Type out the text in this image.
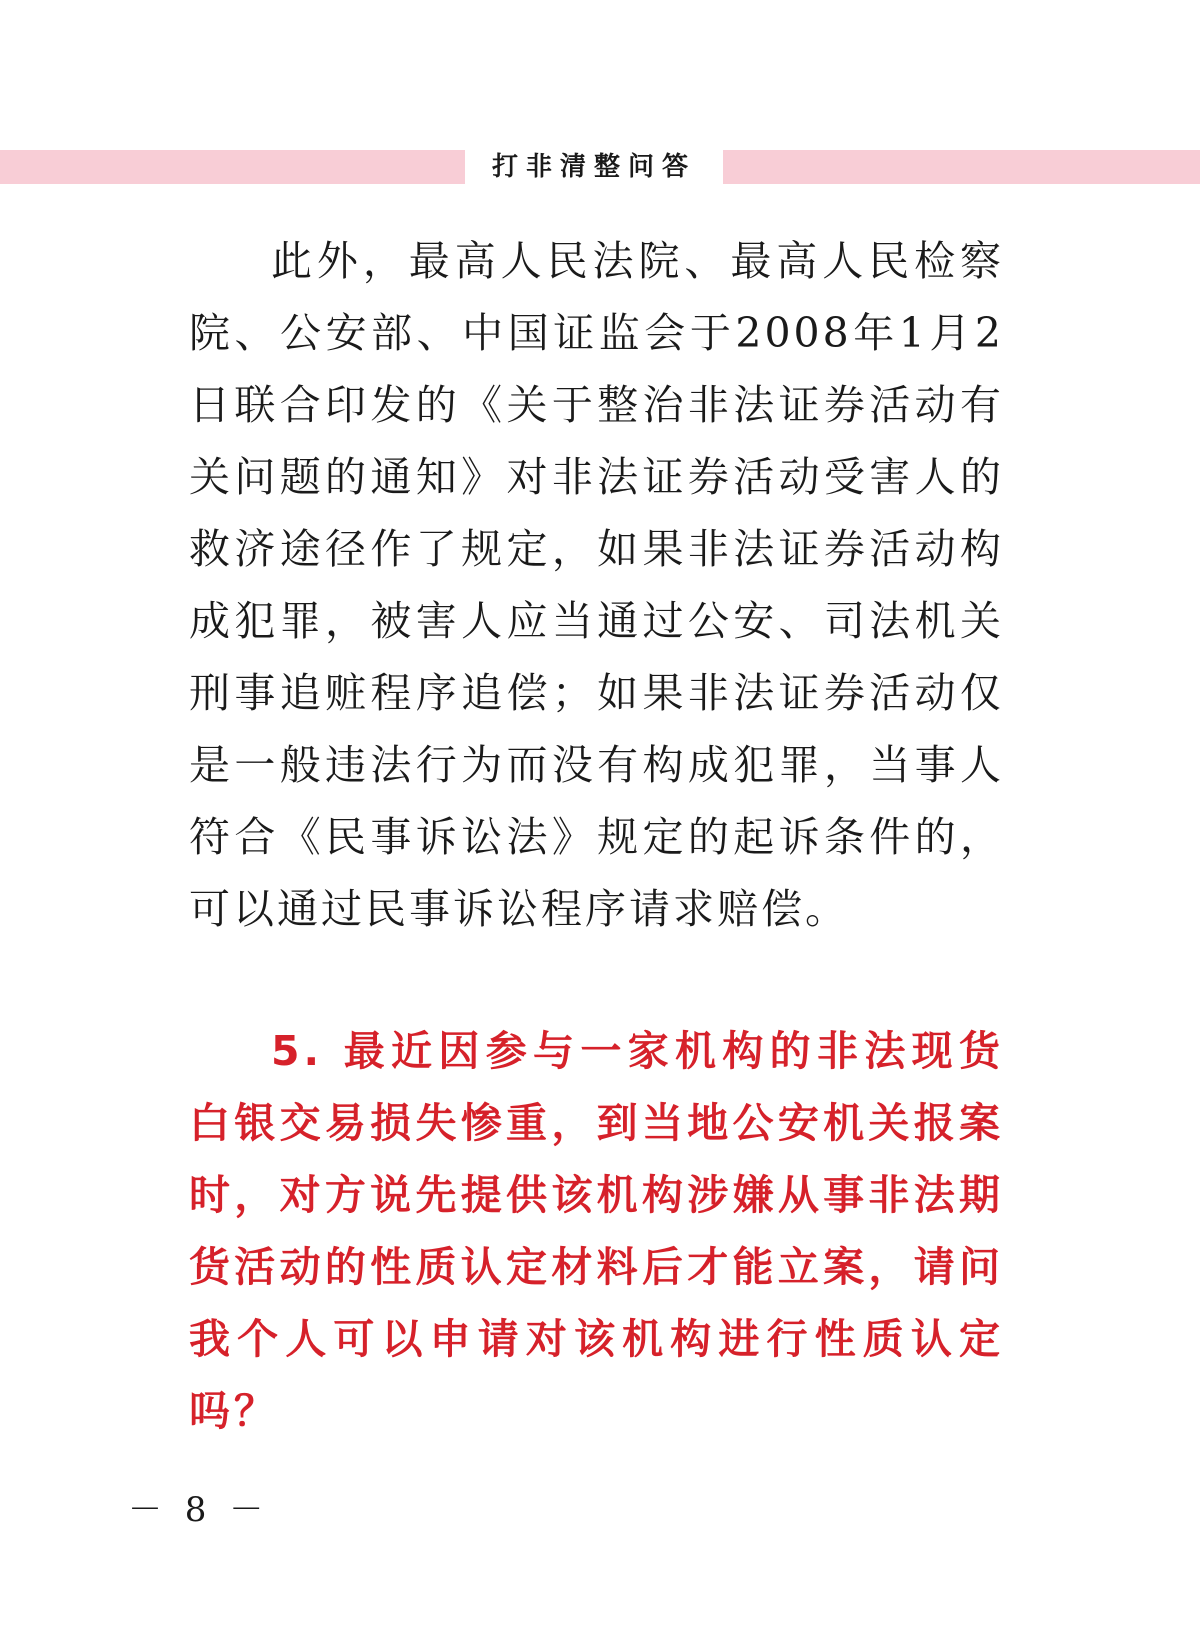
打非清整问答

此外，最高人民法院、最高人民检察院、公安部、中国证监会于2008年1月2日联合印发的《关于整治非法证券活动有关问题的通知》对非法证券活动受害人的救济途径作了规定，如果非法证券活动构成犯罪，被害人应当通过公安、司法机关刑事追赃程序追偿；如果非法证券活动仅是一般违法行为而没有构成犯罪，当事人符合《民事诉讼法》规定的起诉条件的，可以通过民事诉讼程序请求赔偿。

5. 最近因参与一家机构的非法现货白银交易损失惨重，到当地公安机关报案时，对方说先提供该机构涉嫌从事非法期货活动的性质认定材料后才能立案，请问我个人可以申请对该机构进行性质认定吗？

－ 8 －
